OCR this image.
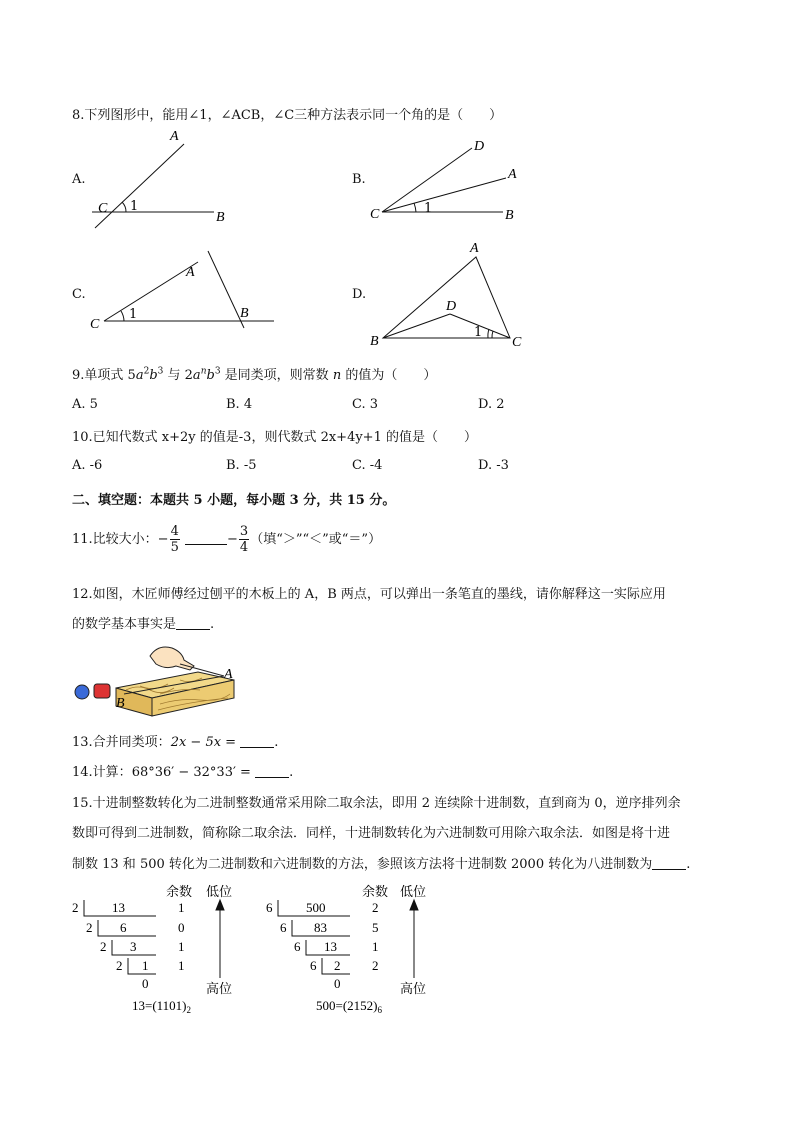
8.下列图形中，能用∠1，∠ACB，∠C三种方法表示同一个角的是（　　）
A.
A
C 1
B
B.
D
A
C	1	B
C.
A
C
1	B
D.
A
D
B
1
C
9.单项式 $5a^2b^3$ 与 $2a^nb^3$ 是同类项，则常数 n 的值为（　　）
A. 5	B. 4	C. 3	D. 2
10.已知代数式 x+2y 的值是-3，则代数式 2x+4y+1 的值是（　　）
A. -6	B. -5	C. -4	D. -3
二、填空题：本题共 5 小题，每小题 3 分，共 15 分。
11.比较大小：− $\frac{4}{5}$	− $\frac{3}{4}$ （填“＞”“＜”或“＝”）
12.如图，木匠师傅经过刨平的木板上的 A，B 两点，可以弹出一条笔直的墨线，请你解释这一实际应用
的数学基本事实是	.
A
B
13.合并同类项：2x − 5x =	.
14.计算：68°36′ − 32°33′ =	.
15.十进制整数转化为二进制整数通常采用除二取余法，即用 2 连续除十进制数，直到商为 0，逆序排列余
数即可得到二进制数，简称除二取余法．同样，十进制数转化为六进制数可用除六取余法．如图是将十进
制数 13 和 500 转化为二进制数和六进制数的方法，参照该方法将十进制数 2000 转化为八进制数为	.
余数 低位
2	13	1
2 6	0
2 3	1
2 1 1
0	高位
$13=(1101)_2$
余数 低位
6	500	2
6 83	5
6 13	1
6 2 2
0	高位
$500=(2152)_6$
